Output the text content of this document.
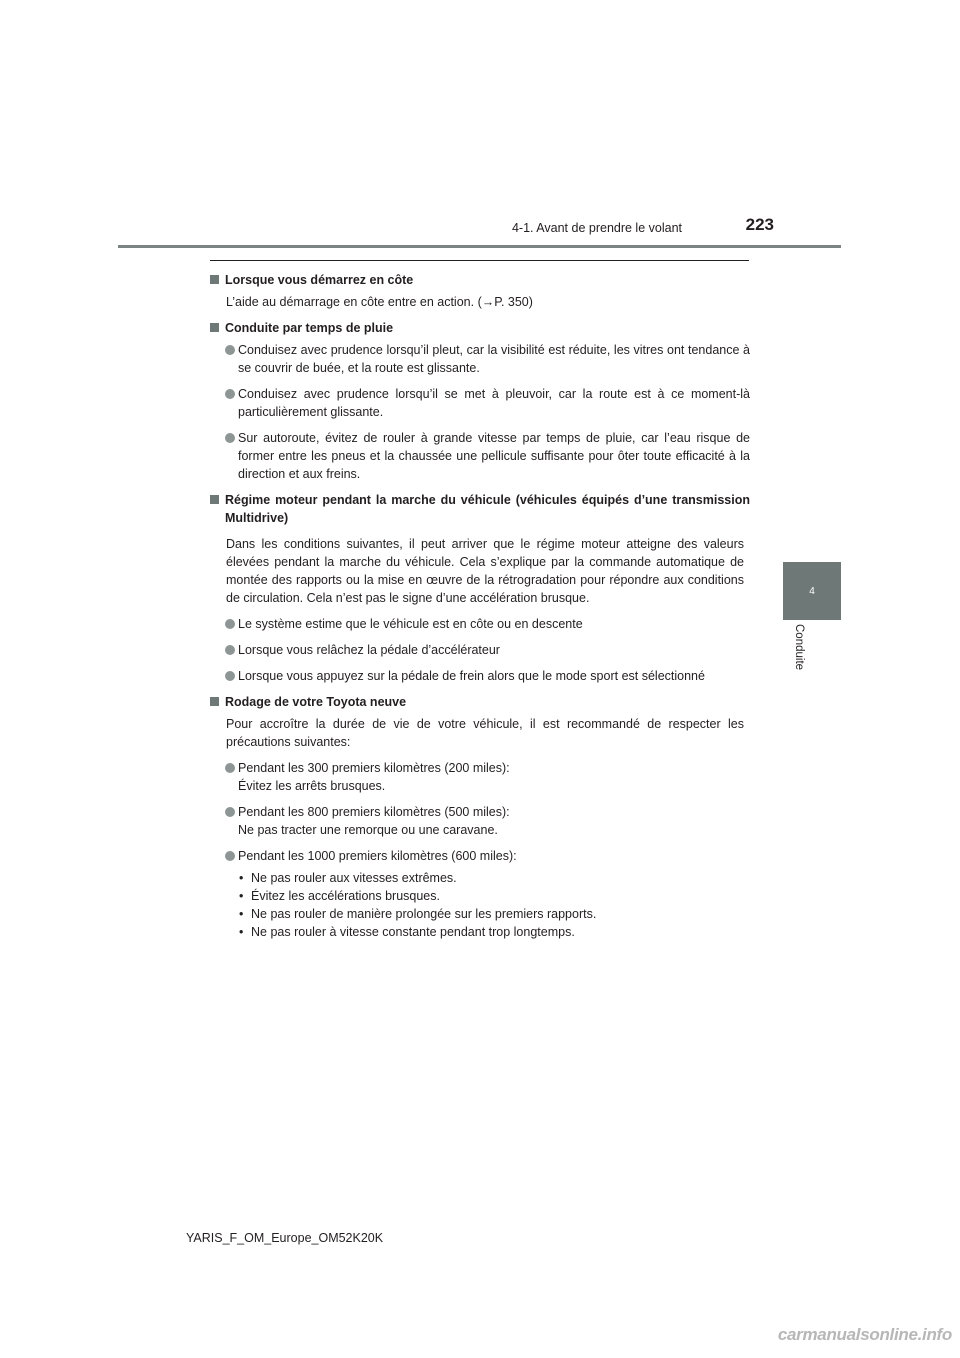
4-1. Avant de prendre le volant	223
4
Conduite
Lorsque vous démarrez en côte
L’aide au démarrage en côte entre en action. (→P. 350)
Conduite par temps de pluie
Conduisez avec prudence lorsqu’il pleut, car la visibilité est réduite, les vitres ont tendance à se couvrir de buée, et la route est glissante.
Conduisez avec prudence lorsqu’il se met à pleuvoir, car la route est à ce moment-là particulièrement glissante.
Sur autoroute, évitez de rouler à grande vitesse par temps de pluie, car l’eau risque de former entre les pneus et la chaussée une pellicule suffisante pour ôter toute efficacité à la direction et aux freins.
Régime moteur pendant la marche du véhicule (véhicules équipés d’une transmission Multidrive)
Dans les conditions suivantes, il peut arriver que le régime moteur atteigne des valeurs élevées pendant la marche du véhicule. Cela s’explique par la commande automatique de montée des rapports ou la mise en œuvre de la rétrogradation pour répondre aux conditions de circulation. Cela n’est pas le signe d’une accélération brusque.
Le système estime que le véhicule est en côte ou en descente
Lorsque vous relâchez la pédale d’accélérateur
Lorsque vous appuyez sur la pédale de frein alors que le mode sport est sélectionné
Rodage de votre Toyota neuve
Pour accroître la durée de vie de votre véhicule, il est recommandé de respecter les précautions suivantes:
Pendant les 300 premiers kilomètres (200 miles):
Évitez les arrêts brusques.
Pendant les 800 premiers kilomètres (500 miles):
Ne pas tracter une remorque ou une caravane.
Pendant les 1000 premiers kilomètres (600 miles):
• Ne pas rouler aux vitesses extrêmes.
• Évitez les accélérations brusques.
• Ne pas rouler de manière prolongée sur les premiers rapports.
• Ne pas rouler à vitesse constante pendant trop longtemps.
YARIS_F_OM_Europe_OM52K20K
carmanualsonline.info
